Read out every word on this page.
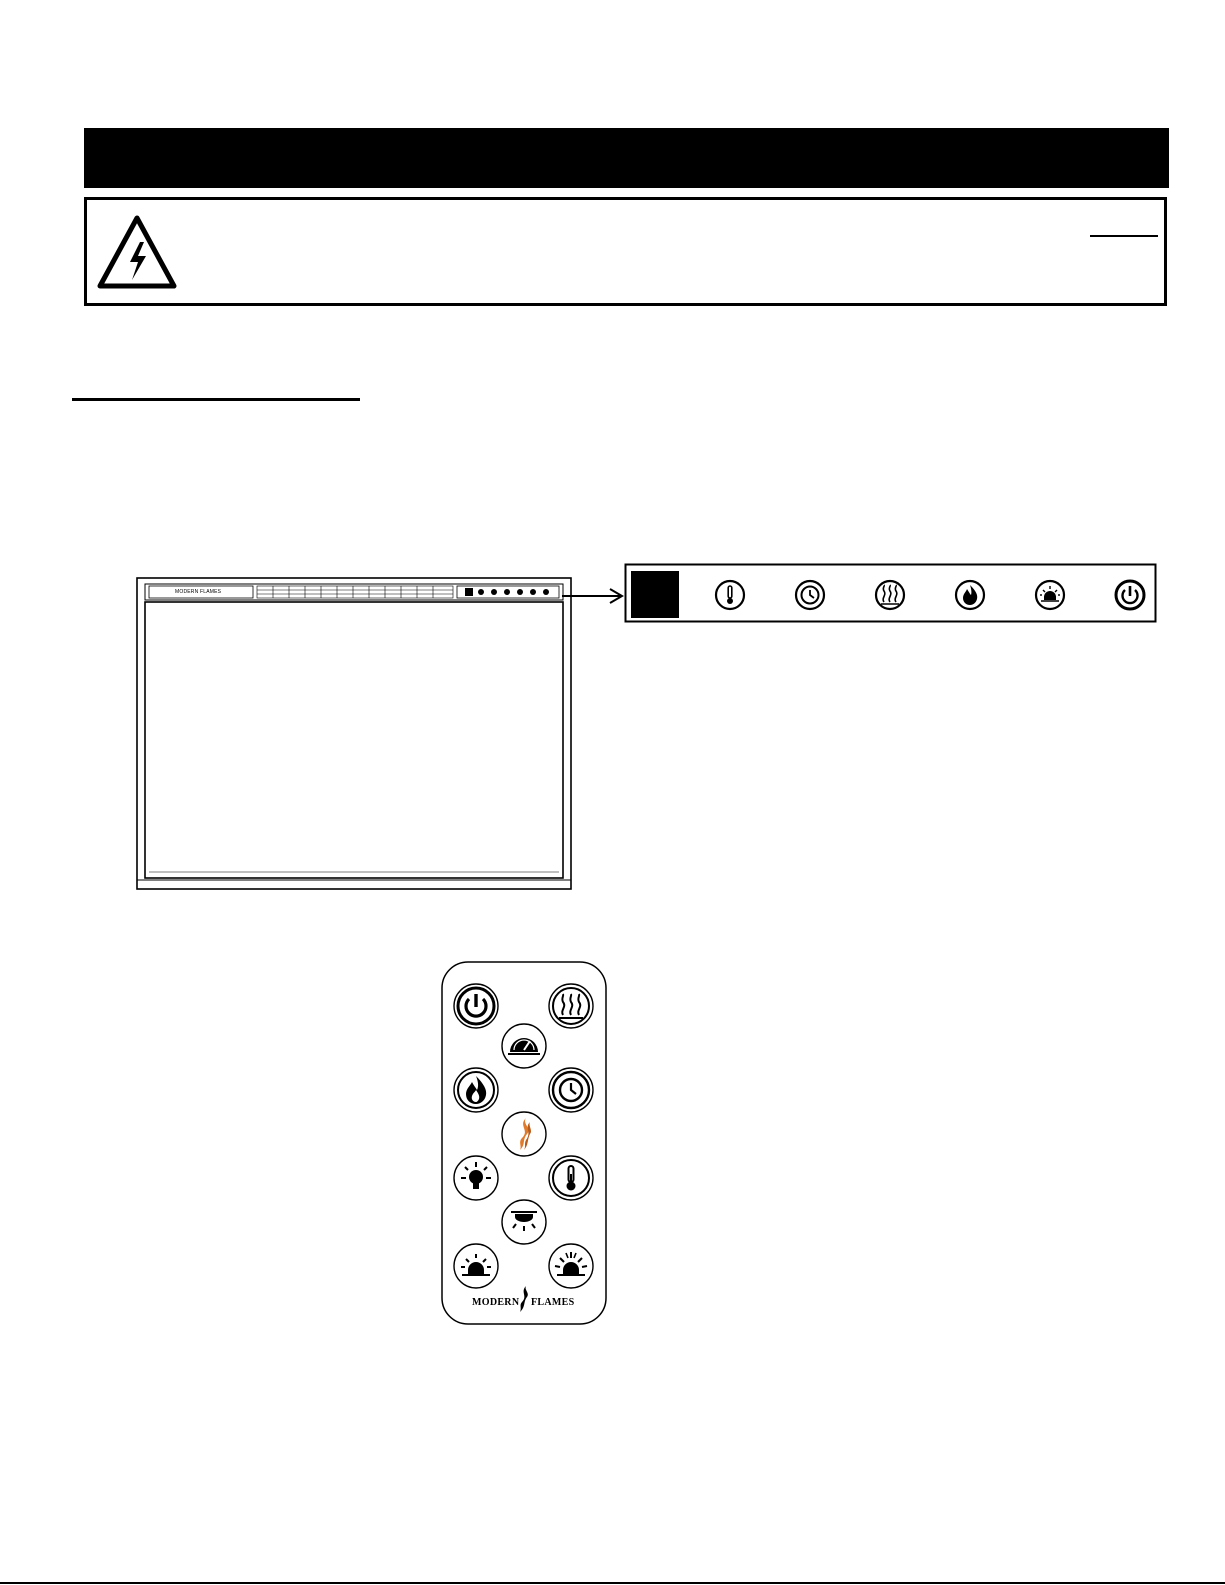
MODERN FLAMES
MODERN FLAMES
